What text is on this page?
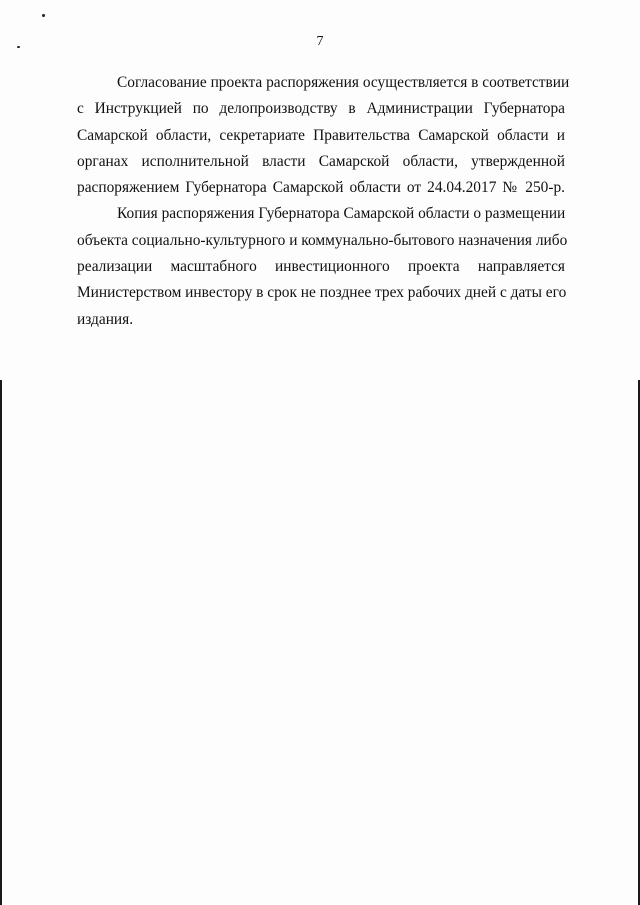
7
Согласование проекта распоряжения осуществляется в соответствии
с Инструкцией по делопроизводству в Администрации Губернатора
Самарской области, секретариате Правительства Самарской области и
органах исполнительной власти Самарской области, утвержденной
распоряжением Губернатора Самарской области от 24.04.2017 № 250-р.
Копия распоряжения Губернатора Самарской области о размещении
объекта социально-культурного и коммунально-бытового назначения либо
реализации масштабного инвестиционного проекта направляется
Министерством инвестору в срок не позднее трех рабочих дней с даты его
издания.
